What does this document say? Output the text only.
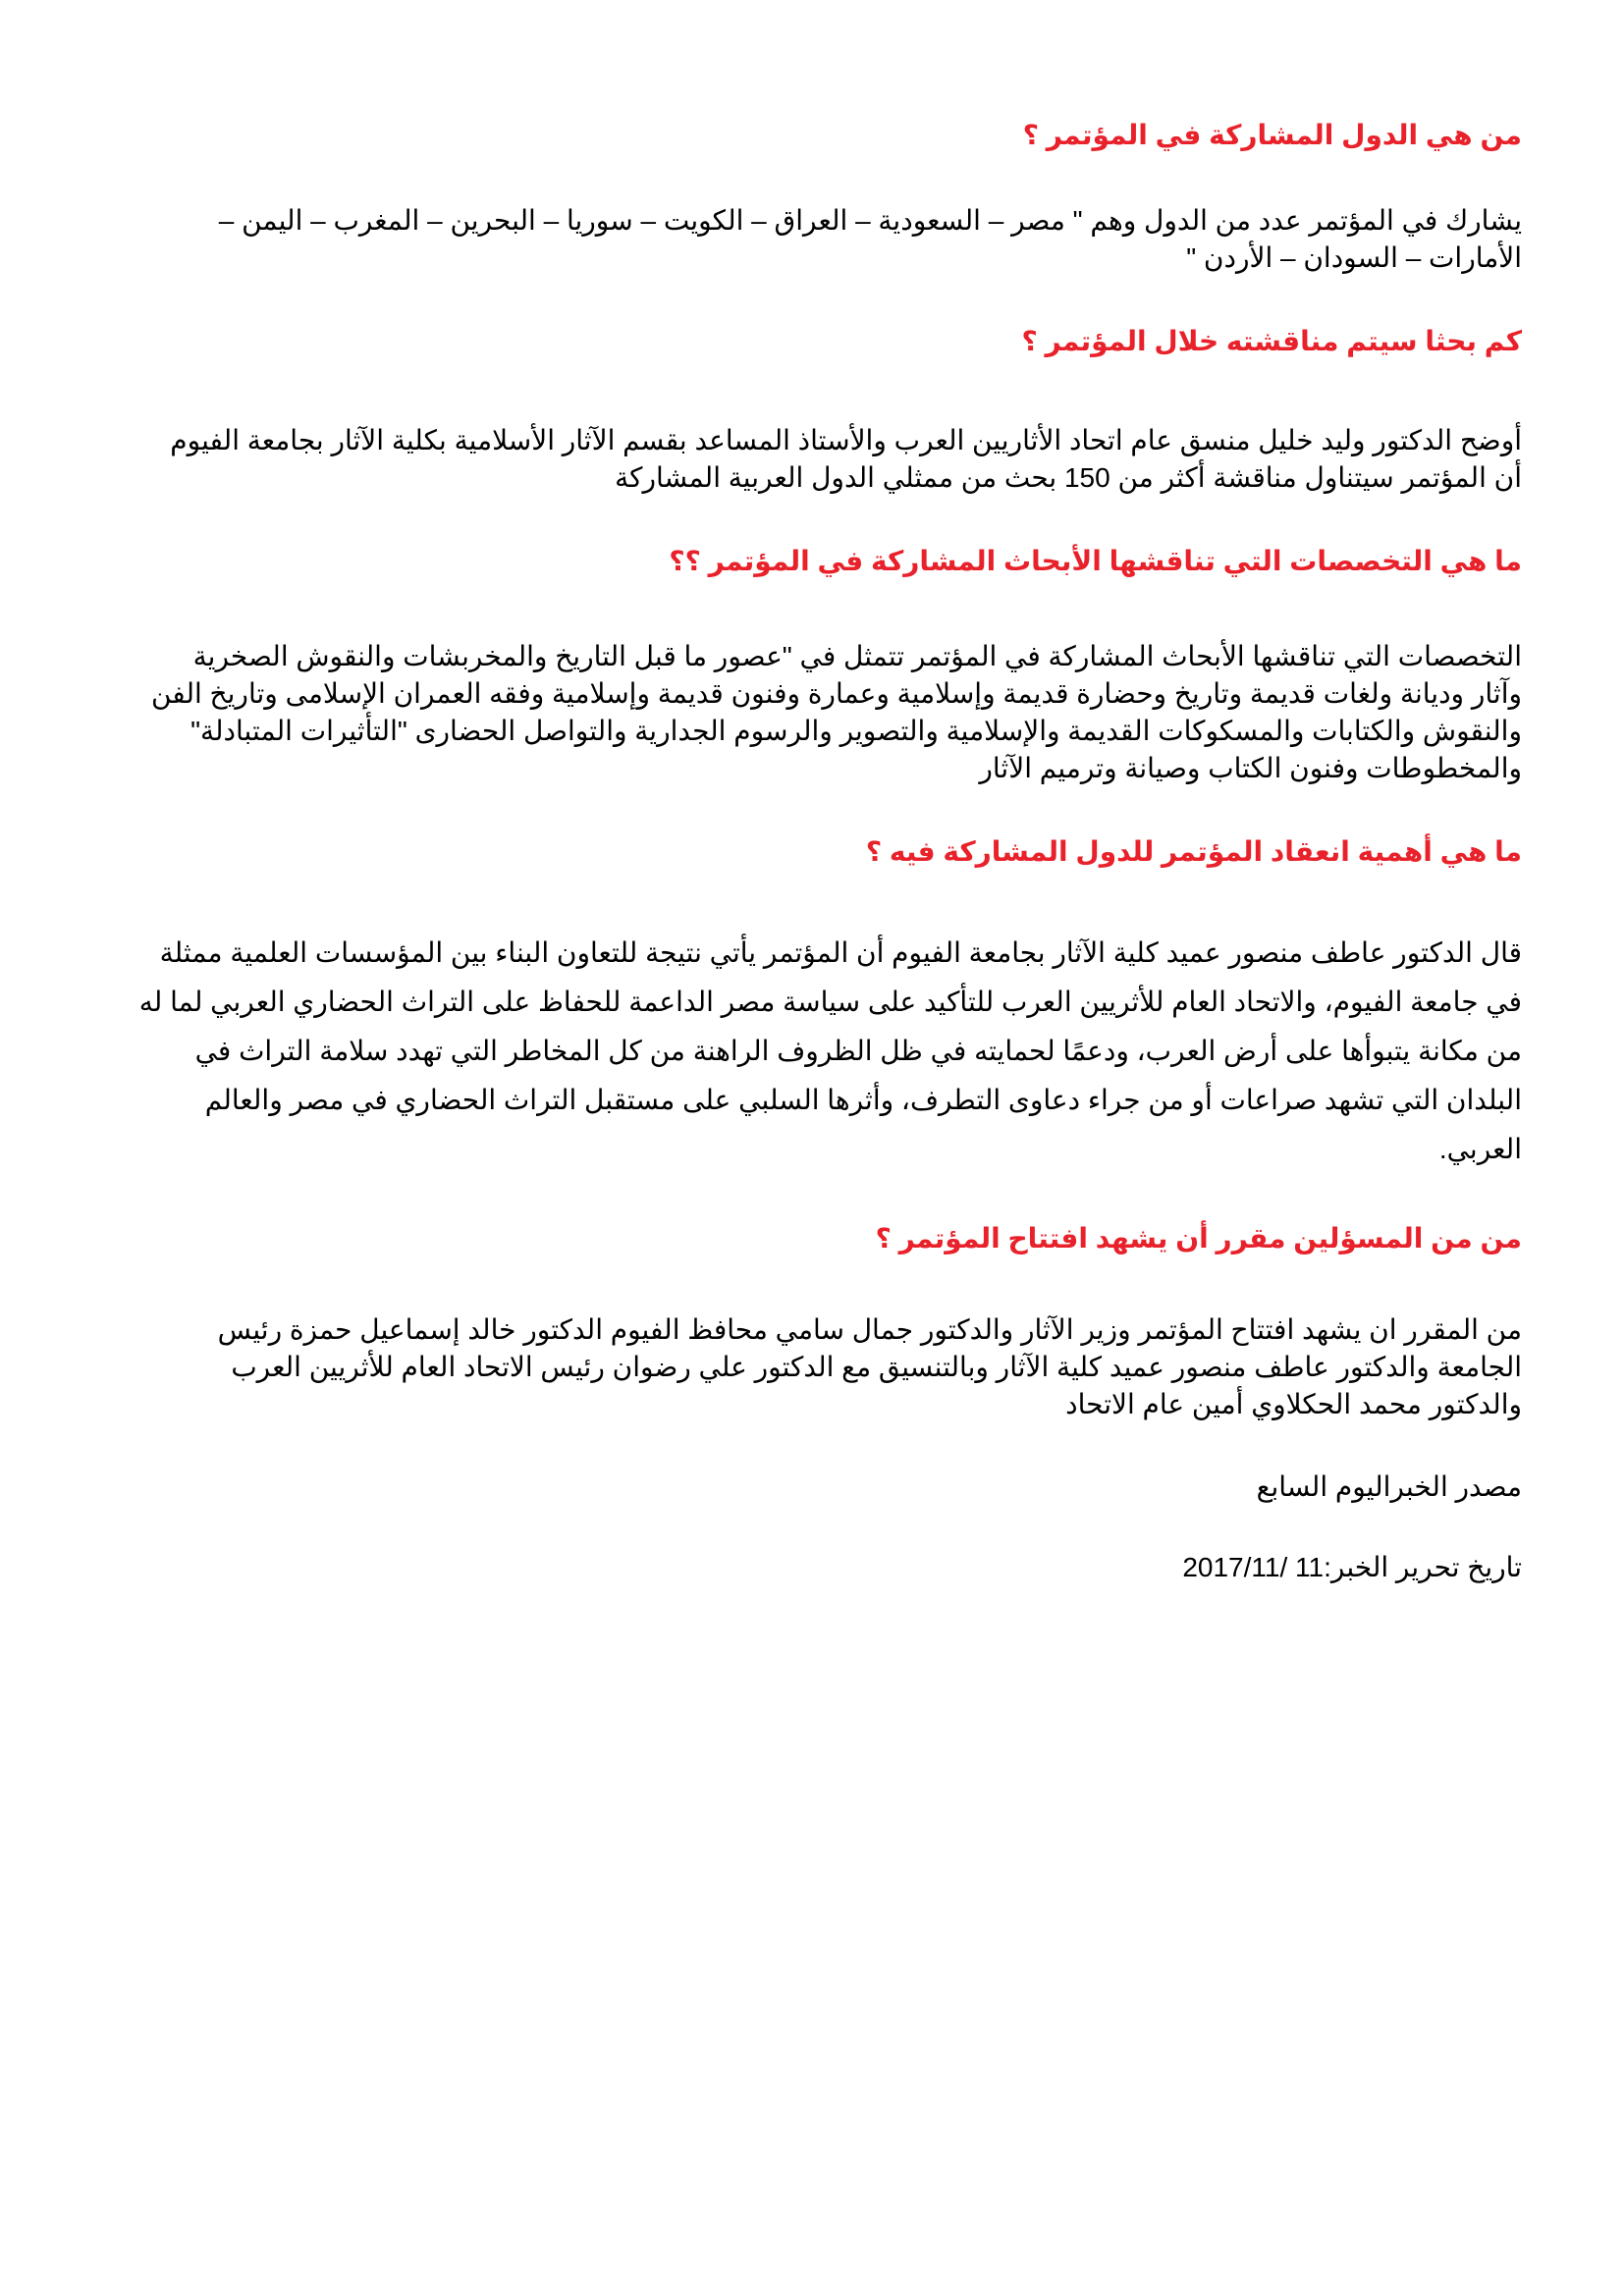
من هي الدول المشاركة في المؤتمر ؟

يشارك في المؤتمر عدد من الدول وهم " مصر – السعودية – العراق – الكويت – سوريا – البحرين – المغرب – اليمن – الأمارات – السودان – الأردن "

كم بحثا سيتم مناقشته خلال المؤتمر ؟

أوضح الدكتور وليد خليل منسق عام اتحاد الأثاريين العرب والأستاذ المساعد بقسم الآثار الأسلامية بكلية الآثار بجامعة الفيوم أن المؤتمر سيتناول مناقشة أكثر من 150 بحث من ممثلي الدول العربية المشاركة

ما هي التخصصات التي تناقشها الأبحاث المشاركة في المؤتمر ؟؟

التخصصات التي تناقشها الأبحاث المشاركة في المؤتمر تتمثل في "عصور ما قبل التاريخ والمخربشات والنقوش الصخرية وآثار وديانة ولغات قديمة وتاريخ وحضارة قديمة وإسلامية وعمارة وفنون قديمة وإسلامية وفقه العمران الإسلامى وتاريخ الفن والنقوش والكتابات والمسكوكات القديمة والإسلامية والتصوير والرسوم الجدارية والتواصل الحضارى "التأثيرات المتبادلة" والمخطوطات وفنون الكتاب وصيانة وترميم الآثار

ما هي أهمية انعقاد المؤتمر للدول المشاركة فيه ؟

قال الدكتور عاطف منصور عميد كلية الآثار بجامعة الفيوم أن المؤتمر يأتي نتيجة للتعاون البناء بين المؤسسات العلمية ممثلة في جامعة الفيوم، والاتحاد العام للأثريين العرب للتأكيد على سياسة مصر الداعمة للحفاظ على التراث الحضاري العربي لما له من مكانة يتبوأها على أرض العرب، ودعمًا لحمايته في ظل الظروف الراهنة من كل المخاطر التي تهدد سلامة التراث في البلدان التي تشهد صراعات أو من جراء دعاوى التطرف، وأثرها السلبي على مستقبل التراث الحضاري في مصر والعالم العربي.

من من المسؤلين مقرر أن يشهد افتتاح المؤتمر ؟

من المقرر ان يشهد افتتاح المؤتمر وزير الآثار والدكتور جمال سامي محافظ الفيوم الدكتور خالد إسماعيل حمزة رئيس الجامعة والدكتور عاطف منصور عميد كلية الآثار وبالتنسيق مع الدكتور علي رضوان رئيس الاتحاد العام للأثريين العرب والدكتور محمد الحكلاوي أمين عام الاتحاد

مصدر الخبراليوم السابع

تاريخ تحرير الخبر:11 /2017/11
